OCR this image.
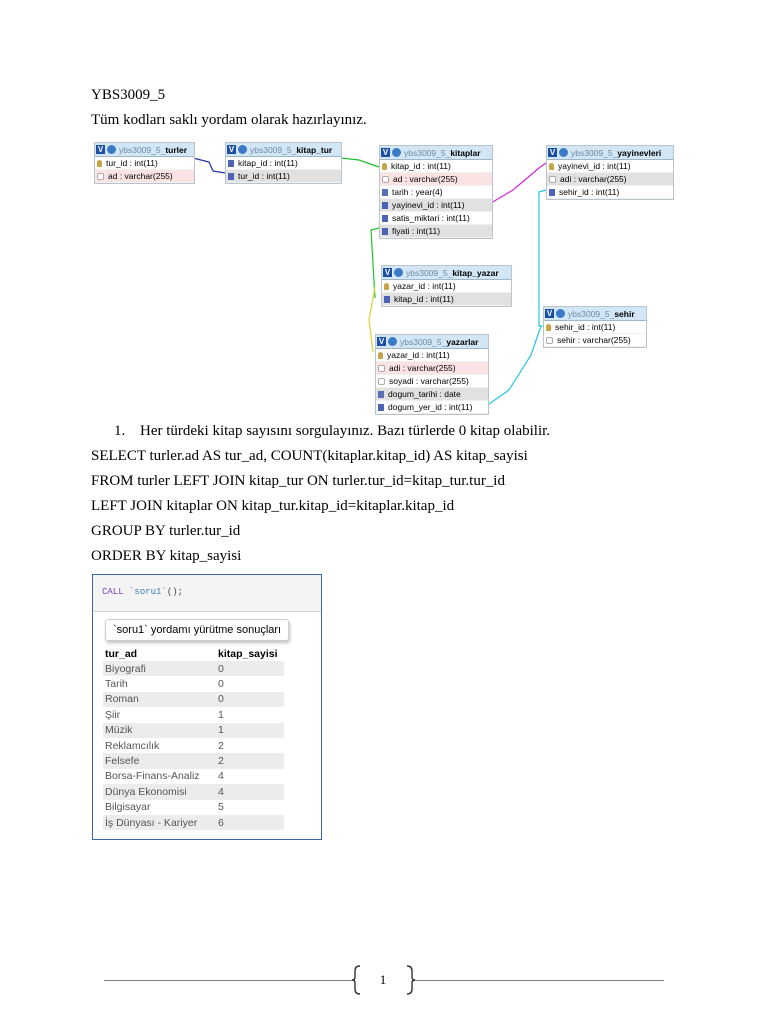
YBS3009_5
Tüm kodları saklı yordam olarak hazırlayınız.
V ybs3009_5 _ turler
tur_id : int(11)
ad : varchar(255)
V ybs3009_5 _ kitap_tur
kitap_id : int(11)
tur_id : int(11)
V ybs3009_5 _ kitaplar
kitap_id : int(11)
ad : varchar(255)
tarih : year(4)
yayinevi_id : int(11)
satis_miktari : int(11)
fiyati : int(11)
V ybs3009_5 _ yayinevleri
yayinevi_id : int(11)
adi : varchar(255)
sehir_id : int(11)
V ybs3009_5 _ kitap_yazar
yazar_id : int(11)
kitap_id : int(11)
V ybs3009_5 _ sehir
sehir_id : int(11)
sehir : varchar(255)
V ybs3009_5 _ yazarlar
yazar_id : int(11)
adi : varchar(255)
soyadi : varchar(255)
dogum_tarihi : date
dogum_yer_id : int(11)
1. Her türdeki kitap sayısını sorgulayınız. Bazı türlerde 0 kitap olabilir.
SELECT turler.ad AS tur_ad, COUNT(kitaplar.kitap_id) AS kitap_sayisi
FROM turler LEFT JOIN kitap_tur ON turler.tur_id=kitap_tur.tur_id
LEFT JOIN kitaplar ON kitap_tur.kitap_id=kitaplar.kitap_id
GROUP BY turler.tur_id
ORDER BY kitap_sayisi
CALL `soru1`();
`soru1` yordamı yürütme sonuçları
tur_ad	kitap_sayisi
Biyografi	0
Tarih	0
Roman	0
Şiir	1
Müzik	1
Reklamcılık	2
Felsefe	2
Borsa-Finans-Analiz	4
Dünya Ekonomisi	4
Bilgisayar	5
İş Dünyası - Kariyer	6
1
